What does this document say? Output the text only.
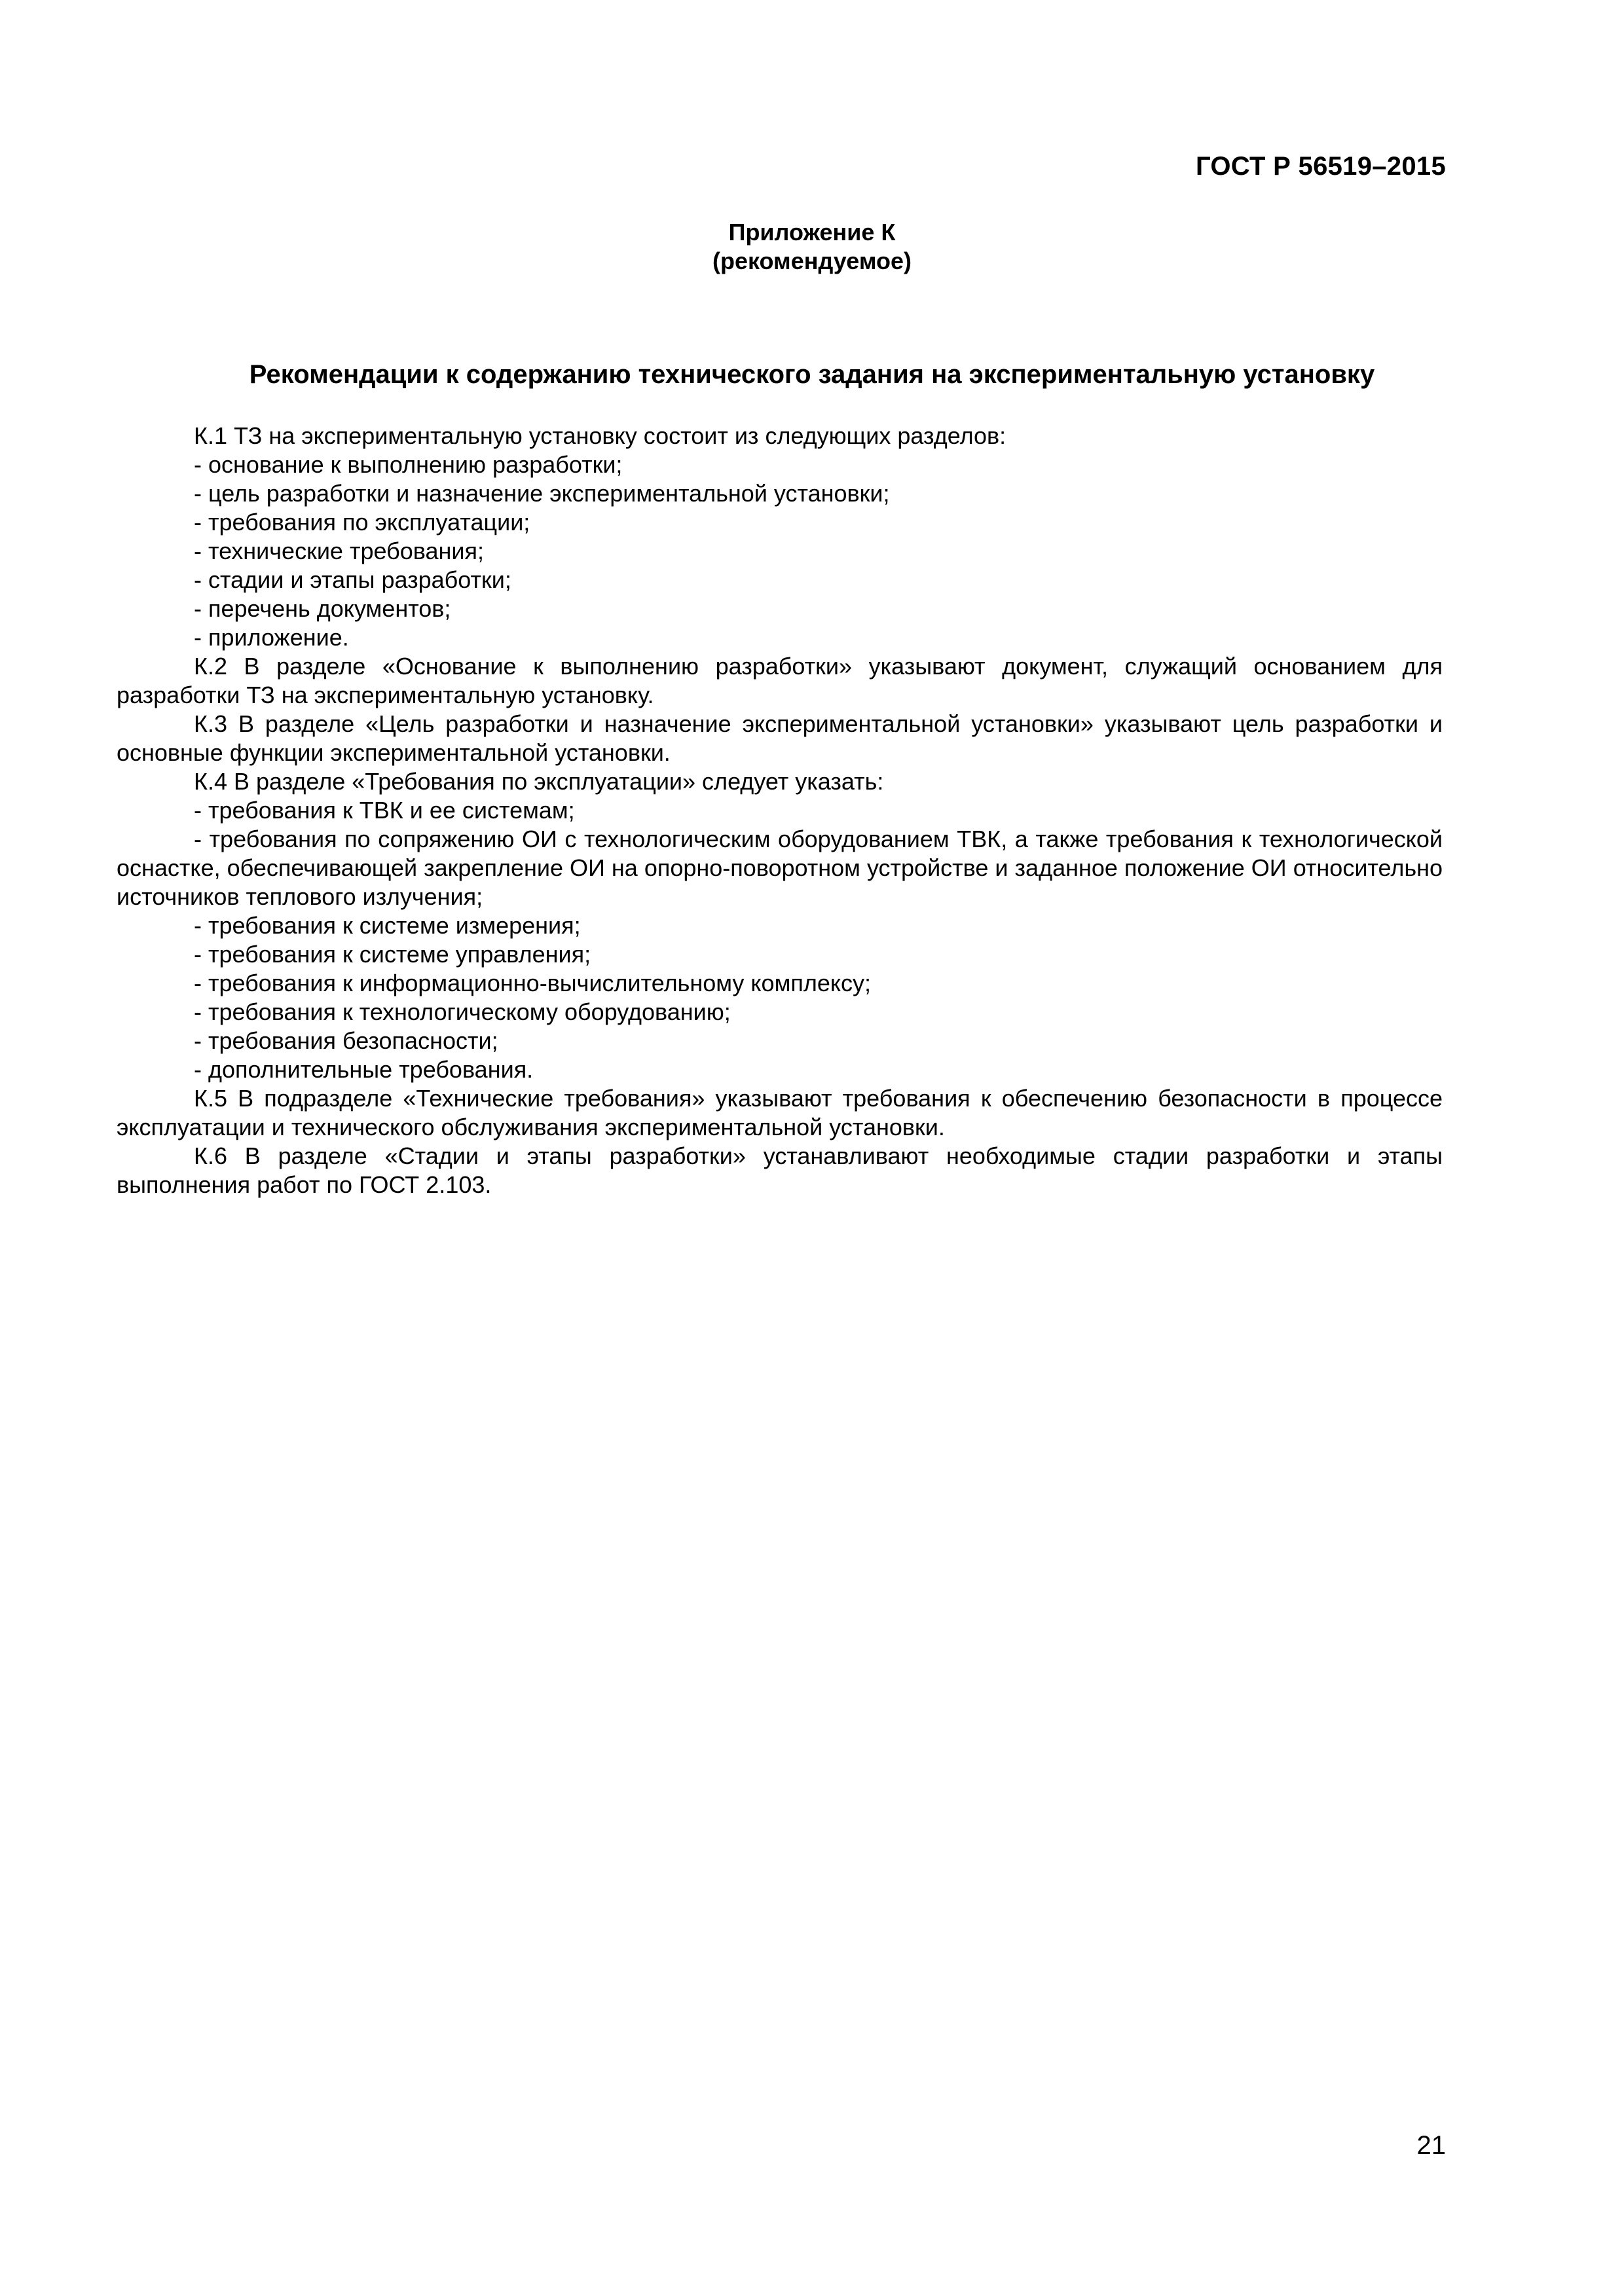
ГОСТ Р 56519–2015
Приложение К
(рекомендуемое)
Рекомендации к содержанию технического задания на экспериментальную установку

К.1 ТЗ на экспериментальную установку состоит из следующих разделов:

- основание к выполнению разработки;

- цель разработки и назначение экспериментальной установки;

- требования по эксплуатации;

- технические требования;

- стадии и этапы разработки;

- перечень документов;

- приложение.

К.2 В разделе «Основание к выполнению разработки» указывают документ, служащий основанием для разработки ТЗ на экспериментальную установку.

К.3 В разделе «Цель разработки и назначение экспериментальной установки» указывают цель разработки и основные функции экспериментальной установки.

К.4 В разделе «Требования по эксплуатации» следует указать:

- требования к ТВК и ее системам;

- требования по сопряжению ОИ с технологическим оборудованием ТВК, а также требования к технологической оснастке, обеспечивающей закрепление ОИ на опорно-поворотном устройстве и заданное положение ОИ относительно источников теплового излучения;

- требования к системе измерения;

- требования к системе управления;

- требования к информационно-вычислительному комплексу;

- требования к технологическому оборудованию;

- требования безопасности;

- дополнительные требования.

К.5 В подразделе «Технические требования» указывают требования к обеспечению безопасности в процессе эксплуатации и технического обслуживания экспериментальной установки.

К.6 В разделе «Стадии и этапы разработки» устанавливают необходимые стадии разработки и этапы выполнения работ по ГОСТ 2.103.

21
